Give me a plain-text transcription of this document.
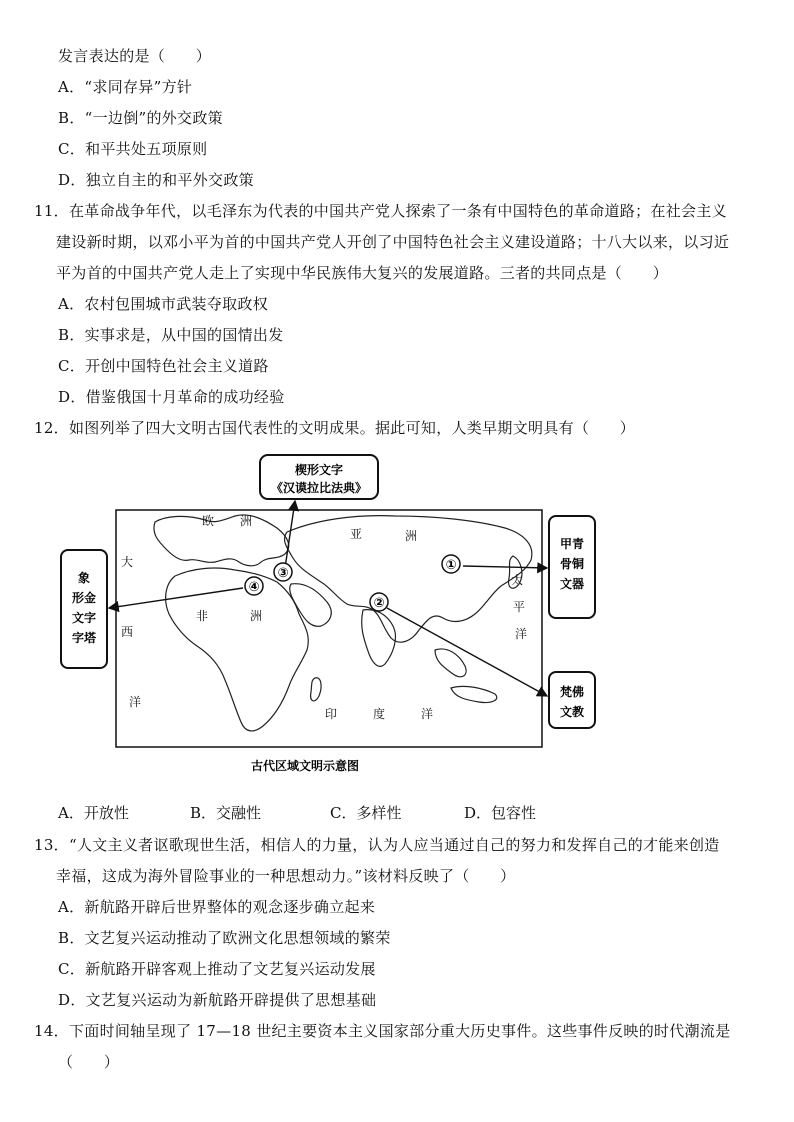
发言表达的是（　　）
A．“求同存异”方针
B．“一边倒”的外交政策
C．和平共处五项原则
D．独立自主的和平外交政策
11．在革命战争年代，以毛泽东为代表的中国共产党人探索了一条有中国特色的革命道路；在社会主义
建设新时期，以邓小平为首的中国共产党人开创了中国特色社会主义建设道路；十八大以来，以习近
平为首的中国共产党人走上了实现中华民族伟大复兴的发展道路。三者的共同点是（　　）
A．农村包围城市武装夺取政权
B．实事求是，从中国的国情出发
C．开创中国特色社会主义道路
D．借鉴俄国十月革命的成功经验
12．如图列举了四大文明古国代表性的文明成果。据此可知，人类早期文明具有（　　）
楔形文字
《汉谟拉比法典》
象
形金
文字
字塔
甲青
骨铜
文器
梵佛
文教
①
②
③
④
欧 洲
亚	洲
非	洲
大
西
洋
太
平
洋
印	度	洋
古代区域文明示意图
A．开放性	B．交融性	C．多样性	D．包容性
13．“人文主义者讴歌现世生活，相信人的力量，认为人应当通过自己的努力和发挥自己的才能来创造
幸福，这成为海外冒险事业的一种思想动力。”该材料反映了（　　）
A．新航路开辟后世界整体的观念逐步确立起来
B．文艺复兴运动推动了欧洲文化思想领域的繁荣
C．新航路开辟客观上推动了文艺复兴运动发展
D．文艺复兴运动为新航路开辟提供了思想基础
14．下面时间轴呈现了 17—18 世纪主要资本主义国家部分重大历史事件。这些事件反映的时代潮流是
（　　）
